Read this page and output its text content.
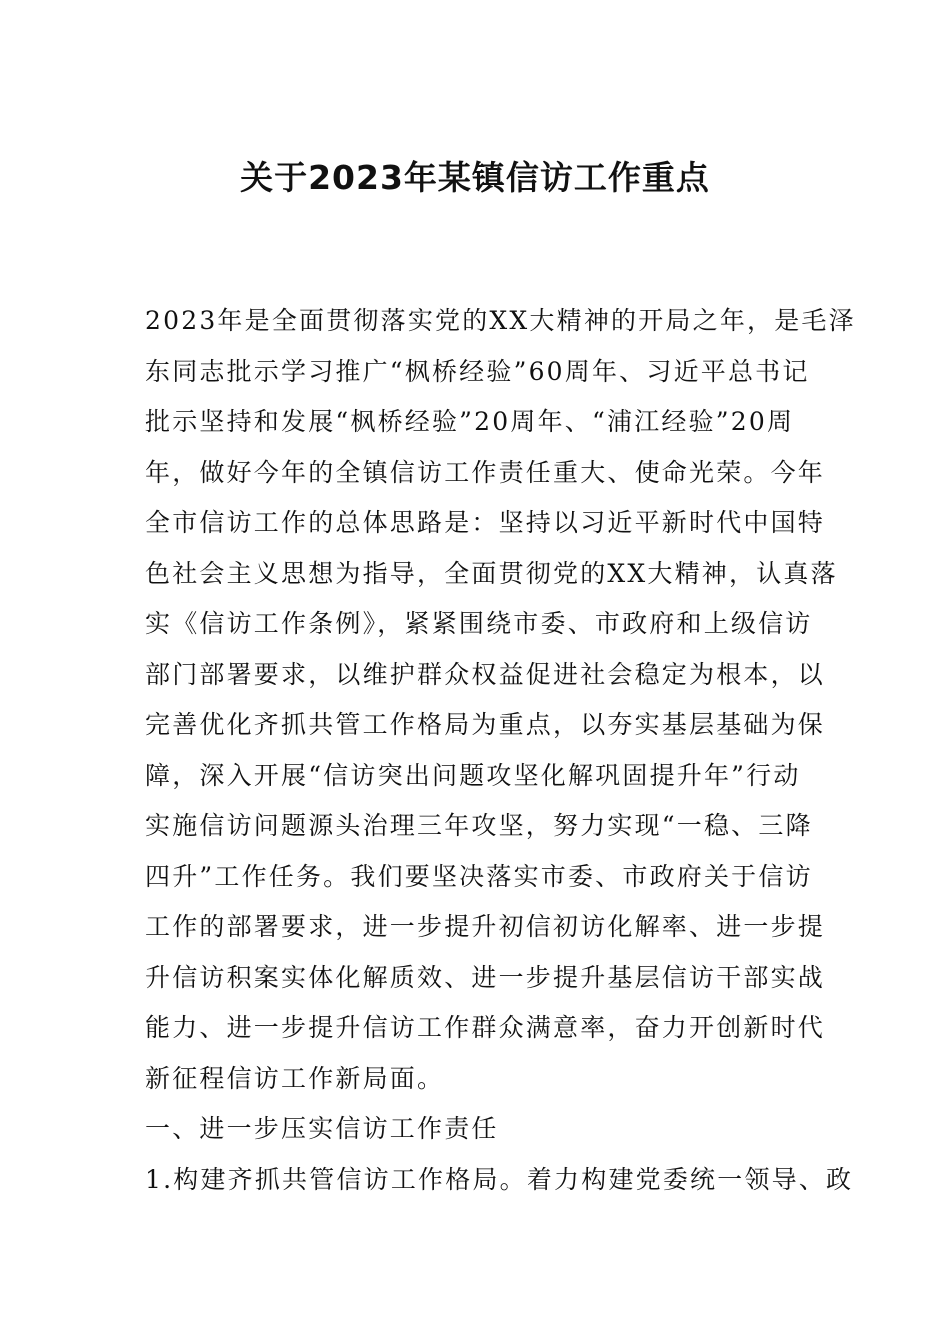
关于2023年某镇信访工作重点
2023年是全面贯彻落实党的XX大精神的开局之年，是毛泽
东同志批示学习推广“枫桥经验”60周年、习近平总书记
批示坚持和发展“枫桥经验”20周年、“浦江经验”20周
年，做好今年的全镇信访工作责任重大、使命光荣。今年
全市信访工作的总体思路是：坚持以习近平新时代中国特
色社会主义思想为指导，全面贯彻党的XX大精神，认真落
实《信访工作条例》，紧紧围绕市委、市政府和上级信访
部门部署要求，以维护群众权益促进社会稳定为根本，以
完善优化齐抓共管工作格局为重点，以夯实基层基础为保
障，深入开展“信访突出问题攻坚化解巩固提升年”行动
实施信访问题源头治理三年攻坚，努力实现“一稳、三降
四升”工作任务。我们要坚决落实市委、市政府关于信访
工作的部署要求，进一步提升初信初访化解率、进一步提
升信访积案实体化解质效、进一步提升基层信访干部实战
能力、进一步提升信访工作群众满意率，奋力开创新时代
新征程信访工作新局面。
一、进一步压实信访工作责任
1.构建齐抓共管信访工作格局。着力构建党委统一领导、政
